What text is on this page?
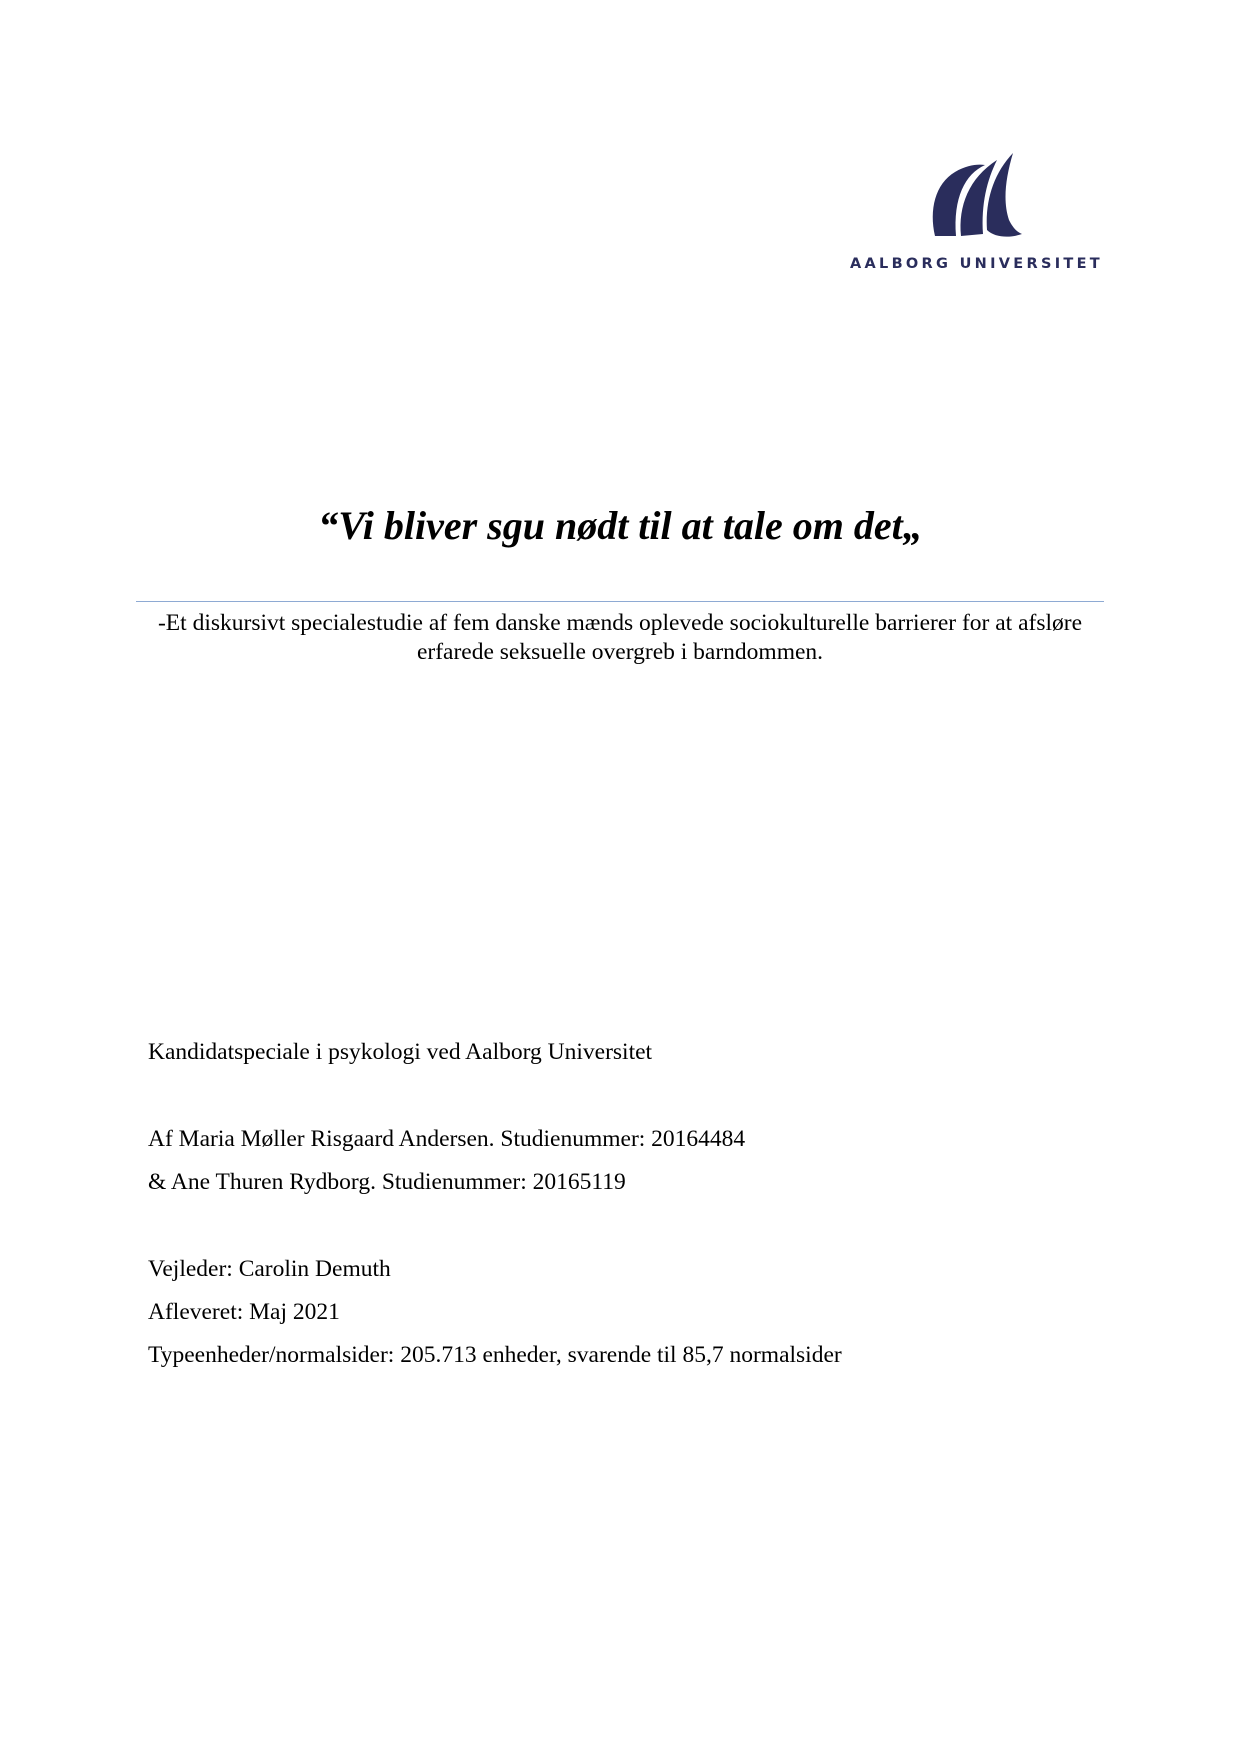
AALBORG UNIVERSITET
“Vi bliver sgu nødt til at tale om det„
-Et diskursivt specialestudie af fem danske mænds oplevede sociokulturelle barrierer for at afsløre erfarede seksuelle overgreb i barndommen.
Kandidatspeciale i psykologi ved Aalborg Universitet
Af Maria Møller Risgaard Andersen. Studienummer: 20164484
& Ane Thuren Rydborg. Studienummer: 20165119
Vejleder: Carolin Demuth
Afleveret: Maj 2021
Typeenheder/normalsider: 205.713 enheder, svarende til 85,7 normalsider
